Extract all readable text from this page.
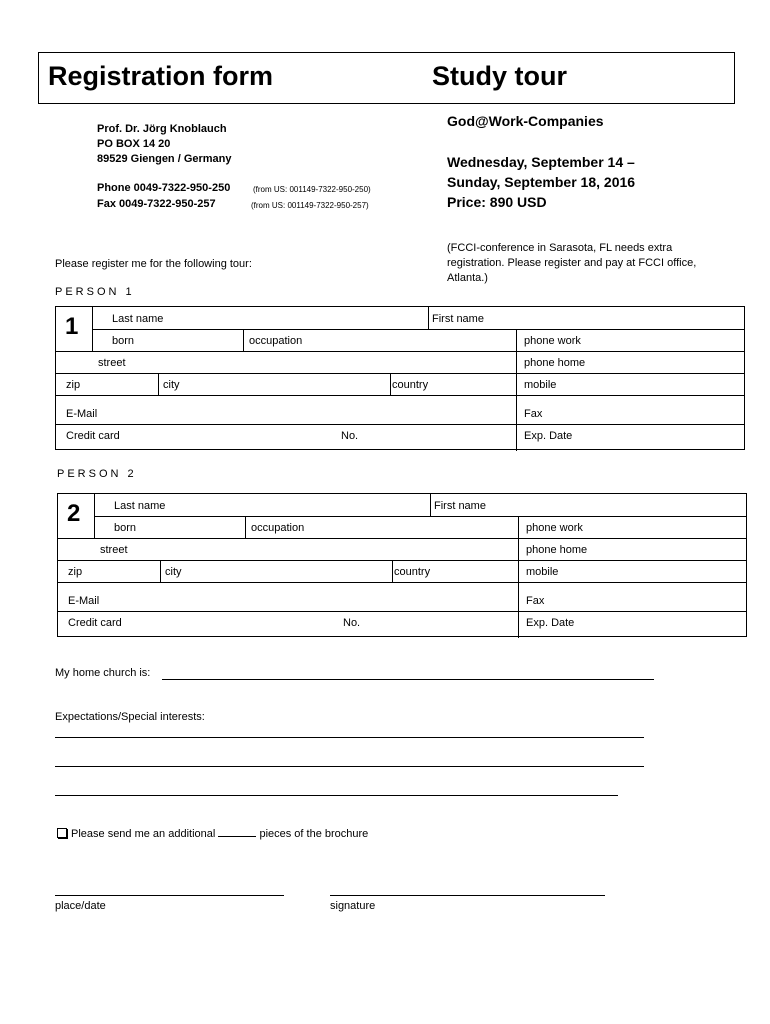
Registration form	Study tour
Prof. Dr. Jörg Knoblauch
PO BOX 14 20
89529 Giengen / Germany
Phone 0049-7322-950-250	(from US: 001149-7322-950-250)
Fax 0049-7322-950-257	(from US: 001149-7322-950-257)
God@Work-Companies
Wednesday, September 14 –
Sunday, September 18, 2016
Price: 890 USD
(FCCI-conference in Sarasota, FL needs extra
registration. Please register and pay at FCCI office,
Atlanta.)
Please register me for the following tour:
PERSON 1
1	Last name	First name
born	occupation	phone work
street	phone home
zip	city	country	mobile
E-Mail	Fax
Credit card	No.	Exp. Date
PERSON 2
2	Last name	First name
born	occupation	phone work
street	phone home
zip	city	country	mobile
E-Mail	Fax
Credit card	No.	Exp. Date
My home church is:
Expectations/Special interests:
Please send me an additional	pieces of the brochure
place/date	signature
